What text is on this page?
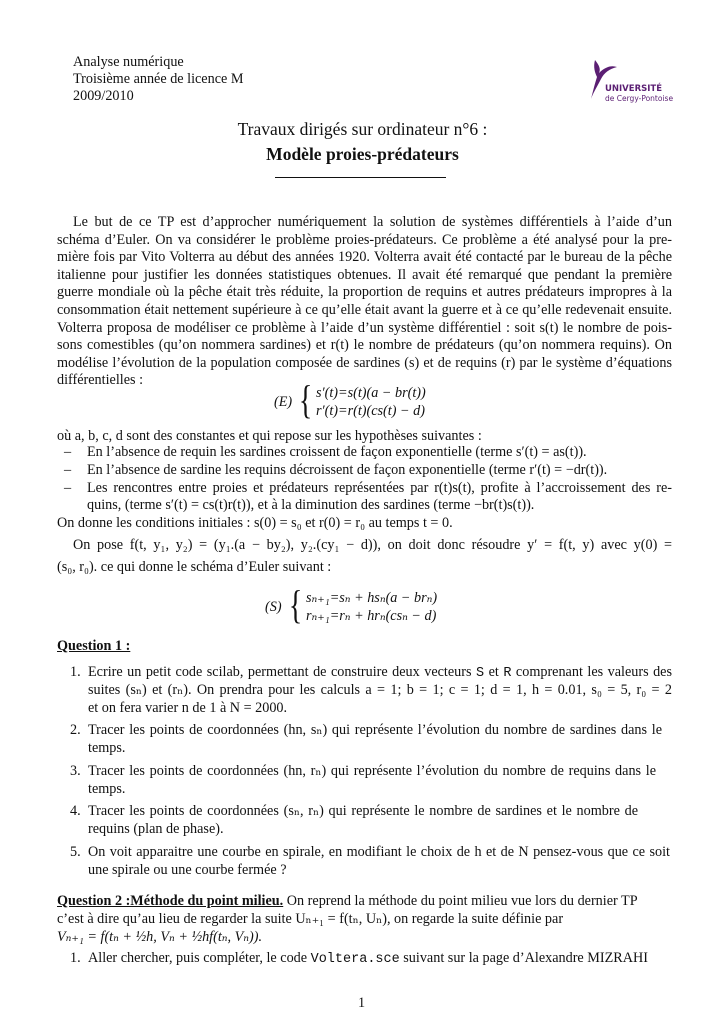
Analyse numérique
Troisième année de licence M
2009/2010	UNIVERSITÉ
de Cergy-Pontoise
Travaux dirigés sur ordinateur n°6 :
Modèle proies-prédateurs
Le but de ce TP est d’approcher numériquement la solution de systèmes différentiels à l’aide d’un
schéma d’Euler. On va considérer le problème proies-prédateurs. Ce problème a été analysé pour la pre-
mière fois par Vito Volterra au début des années 1920. Volterra avait été contacté par le bureau de la pêche
italienne pour justifier les données statistiques obtenues. Il avait été remarqué que pendant la première
guerre mondiale où la pêche était très réduite, la proportion de requins et autres prédateurs impropres à la
consommation était nettement supérieure à ce qu’elle était avant la guerre et à ce qu’elle redevenait ensuite.
Volterra proposa de modéliser ce problème à l’aide d’un système différentiel : soit s(t) le nombre de pois-
sons comestibles (qu’on nommera sardines) et r(t) le nombre de prédateurs (qu’on nommera requins). On
modélise l’évolution de la population composée de sardines (s) et de requins (r) par le système d’équations
différentielles :
(E) { s′(t)=s(t)(a − br(t))
r′(t)=r(t)(cs(t) − d)
où a, b, c, d sont des constantes et qui repose sur les hypothèses suivantes :
– En l’absence de requin les sardines croissent de façon exponentielle (terme s′(t) = as(t)).
– En l’absence de sardine les requins décroissent de façon exponentielle (terme r′(t) = −dr(t)).
– Les rencontres entre proies et prédateurs représentées par r(t)s(t), profite à l’accroissement des re-
quins, (terme s′(t) = cs(t)r(t)), et à la diminution des sardines (terme −br(t)s(t)).
On donne les conditions initiales : s(0) = s₀ et r(0) = r₀ au temps t = 0.
On pose f(t, y₁, y₂) = (y₁.(a − by₂), y₂.(cy₁ − d)), on doit donc résoudre y′ = f(t, y) avec y(0) =
(s₀, r₀). ce qui donne le schéma d’Euler suivant :
(S) { sₙ₊₁=sₙ + hsₙ(a − brₙ)
rₙ₊₁=rₙ + hrₙ(csₙ − d)
Question 1 :
1. Ecrire un petit code scilab, permettant de construire deux vecteurs S et R comprenant les valeurs des
suites (sₙ) et (rₙ). On prendra pour les calculs a = 1; b = 1; c = 1; d = 1, h = 0.01, s₀ = 5, r₀ = 2
et on fera varier n de 1 à N = 2000.
2. Tracer les points de coordonnées (hn, sₙ) qui représente l’évolution du nombre de sardines dans le
temps.
3. Tracer les points de coordonnées (hn, rₙ) qui représente l’évolution du nombre de requins dans le
temps.
4. Tracer les points de coordonnées (sₙ, rₙ) qui représente le nombre de sardines et le nombre de
requins (plan de phase).
5. On voit apparaitre une courbe en spirale, en modifiant le choix de h et de N pensez-vous que ce soit
une spirale ou une courbe fermée ?
Question 2 :Méthode du point milieu. On reprend la méthode du point milieu vue lors du dernier TP
c’est à dire qu’au lieu de regarder la suite Uₙ₊₁ = f(tₙ, Uₙ), on regarde la suite définie par
Vₙ₊₁ = f(tₙ + ½h, Vₙ + ½hf(tₙ, Vₙ)).
1. Aller chercher, puis compléter, le code Voltera.sce suivant sur la page d’Alexandre MIZRAHI
1
